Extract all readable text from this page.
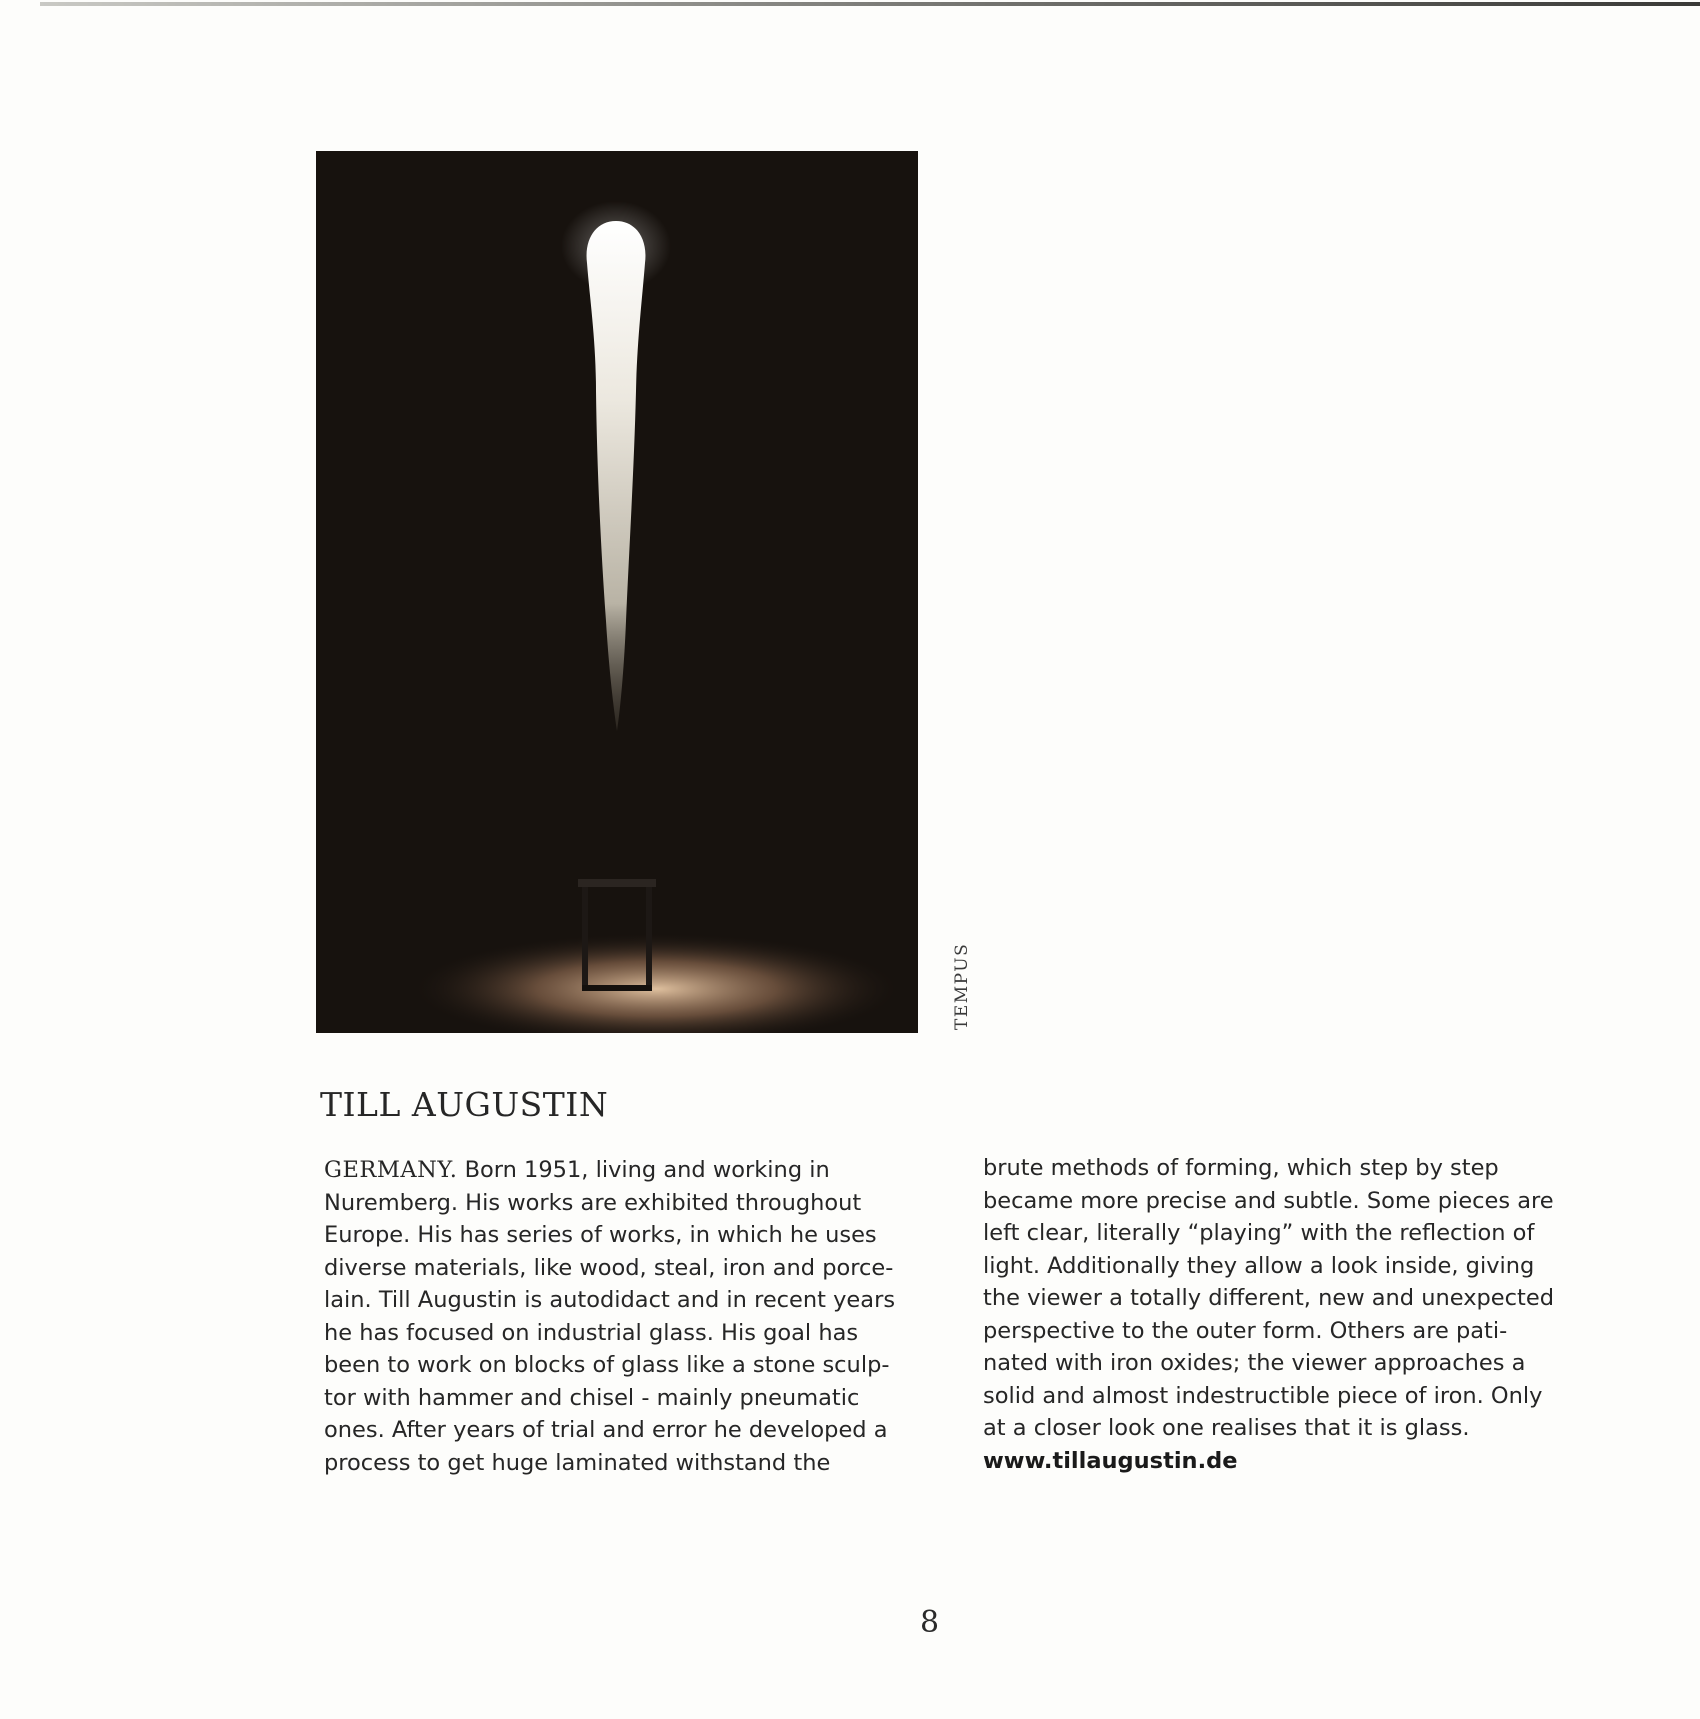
TEMPUS
TILL AUGUSTIN
GERMANY. Born 1951, living and working in
Nuremberg. His works are exhibited throughout
Europe. His has series of works, in which he uses
diverse materials, like wood, steal, iron and porce-
lain. Till Augustin is autodidact and in recent years
he has focused on industrial glass. His goal has
been to work on blocks of glass like a stone sculp-
tor with hammer and chisel - mainly pneumatic
ones. After years of trial and error he developed a
process to get huge laminated withstand the
brute methods of forming, which step by step
became more precise and subtle. Some pieces are
left clear, literally “playing” with the reflection of
light. Additionally they allow a look inside, giving
the viewer a totally different, new and unexpected
perspective to the outer form. Others are pati-
nated with iron oxides; the viewer approaches a
solid and almost indestructible piece of iron. Only
at a closer look one realises that it is glass.
www.tillaugustin.de
8
